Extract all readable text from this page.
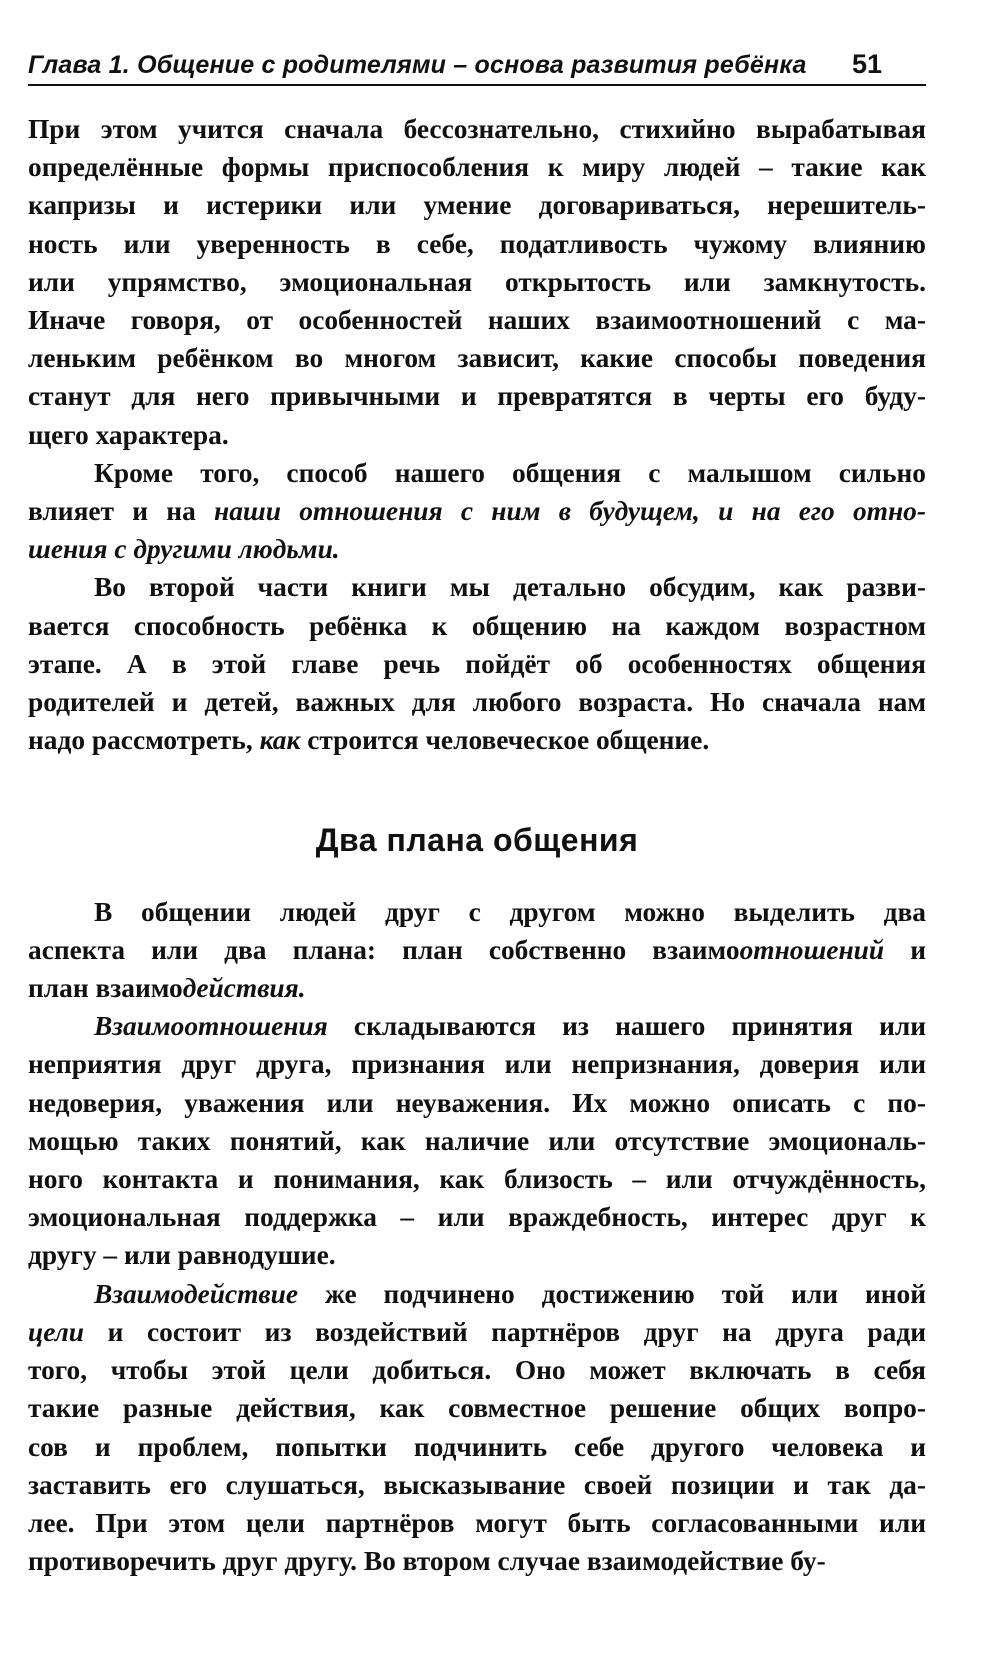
Глава 1. Общение с родителями – основа развития ребёнка 51

При этом учится сначала бессознательно, стихийно вырабатывая
определённые формы приспособления к миру людей – такие как
капризы и истерики или умение договариваться, нерешитель-
ность или уверенность в себе, податливость чужому влиянию
или упрямство, эмоциональная открытость или замкнутость.
Иначе говоря, от особенностей наших взаимоотношений с ма-
леньким ребёнком во многом зависит, какие способы поведения
станут для него привычными и превратятся в черты его буду-
щего характера.

Кроме того, способ нашего общения с малышом сильно
влияет и на наши отношения с ним в будущем, и на его отно-
шения с другими людьми.

Во второй части книги мы детально обсудим, как разви-
вается способность ребёнка к общению на каждом возрастном
этапе. А в этой главе речь пойдёт об особенностях общения
родителей и детей, важных для любого возраста. Но сначала нам
надо рассмотреть, как строится человеческое общение.

Два плана общения

В общении людей друг с другом можно выделить два
аспекта или два плана: план собственно взаимоотношений и
план взаимодействия.

Взаимоотношения складываются из нашего принятия или
неприятия друг друга, признания или непризнания, доверия или
недоверия, уважения или неуважения. Их можно описать с по-
мощью таких понятий, как наличие или отсутствие эмоциональ-
ного контакта и понимания, как близость – или отчуждённость,
эмоциональная поддержка – или враждебность, интерес друг к
другу – или равнодушие.

Взаимодействие же подчинено достижению той или иной
цели и состоит из воздействий партнёров друг на друга ради
того, чтобы этой цели добиться. Оно может включать в себя
такие разные действия, как совместное решение общих вопро-
сов и проблем, попытки подчинить себе другого человека и
заставить его слушаться, высказывание своей позиции и так да-
лее. При этом цели партнёров могут быть согласованными или
противоречить друг другу. Во втором случае взаимодействие бу-
